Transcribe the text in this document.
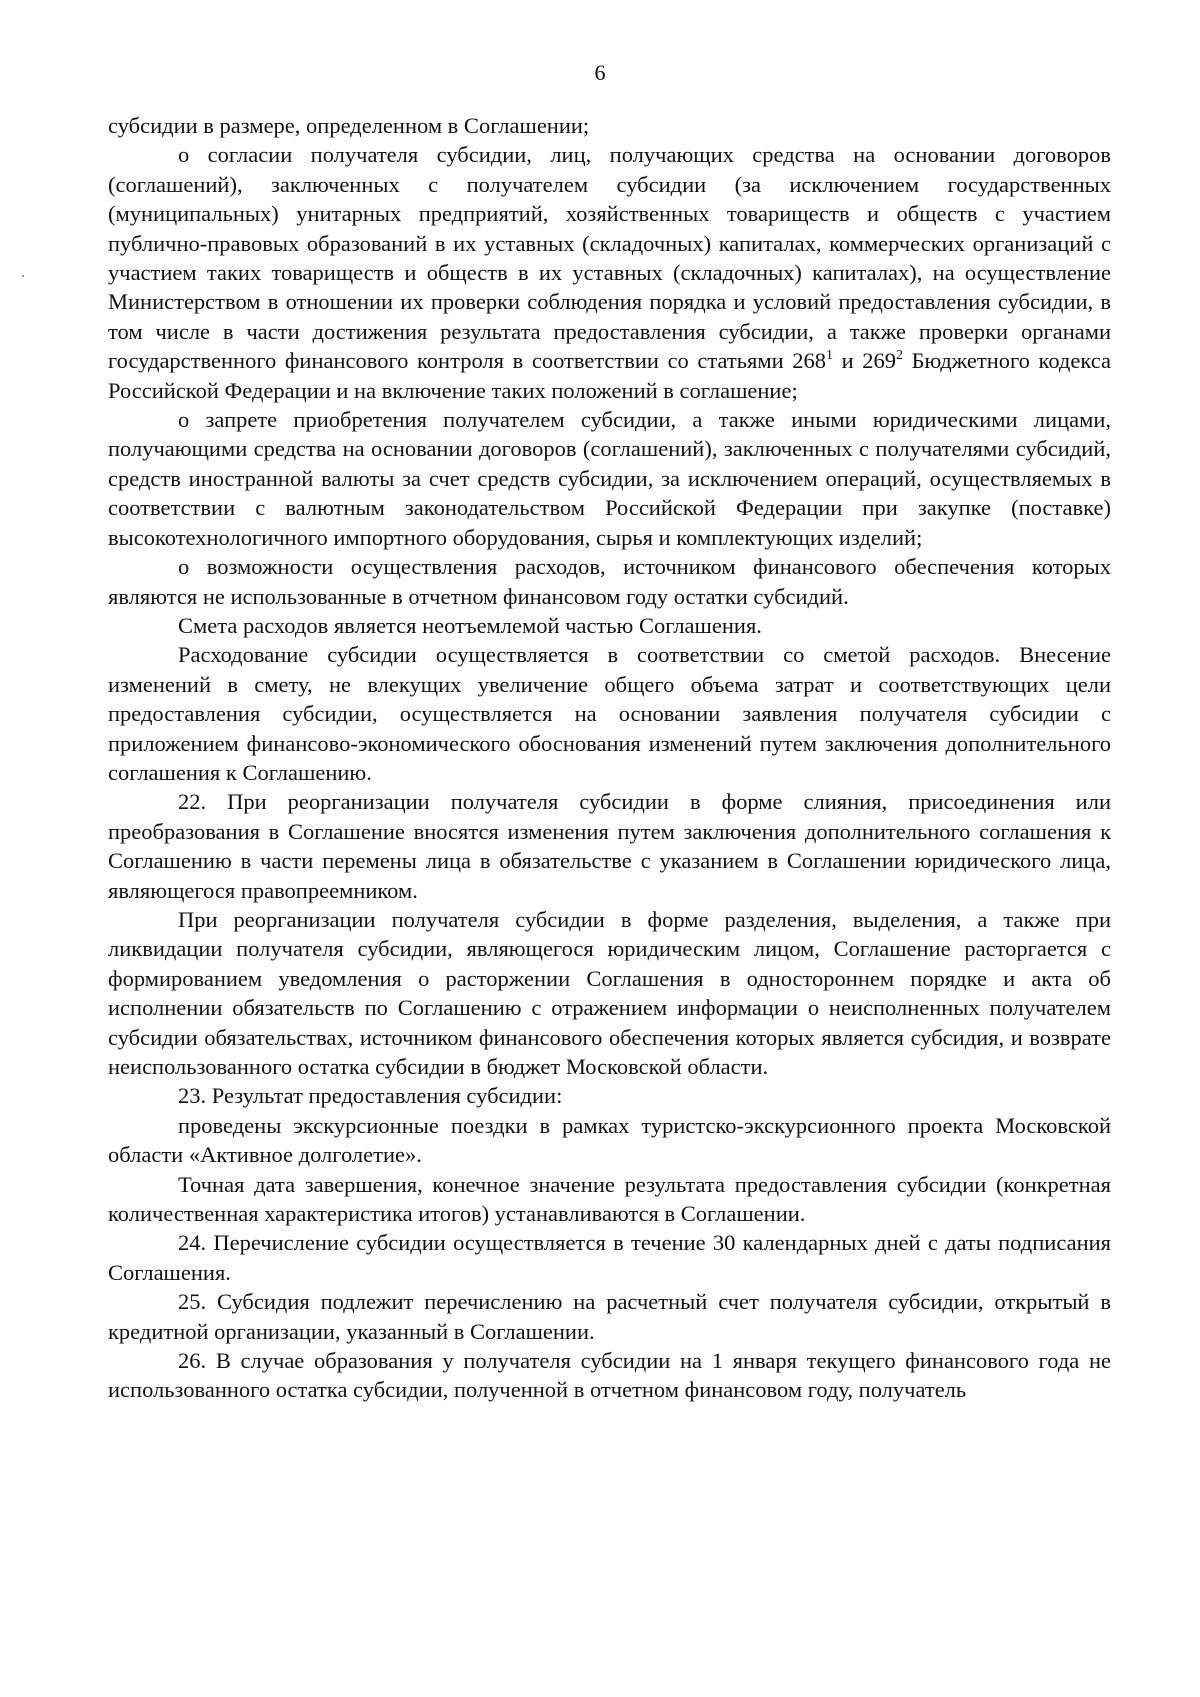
6

субсидии в размере, определенном в Соглашении;

о согласии получателя субсидии, лиц, получающих средства на основании договоров (соглашений), заключенных с получателем субсидии (за исключением государственных (муниципальных) унитарных предприятий, хозяйственных товариществ и обществ с участием публично-правовых образований в их уставных (складочных) капиталах, коммерческих организаций с участием таких товариществ и обществ в их уставных (складочных) капиталах), на осуществление Министерством в отношении их проверки соблюдения порядка и условий предоставления субсидии, в том числе в части достижения результата предоставления субсидии, а также проверки органами государственного финансового контроля в соответствии со статьями $268^1$ и $269^2$ Бюджетного кодекса Российской Федерации и на включение таких положений в соглашение;

о запрете приобретения получателем субсидии, а также иными юридическими лицами, получающими средства на основании договоров (соглашений), заключенных с получателями субсидий, средств иностранной валюты за счет средств субсидии, за исключением операций, осуществляемых в соответствии с валютным законодательством Российской Федерации при закупке (поставке) высокотехнологичного импортного оборудования, сырья и комплектующих изделий;

о возможности осуществления расходов, источником финансового обеспечения которых являются не использованные в отчетном финансовом году остатки субсидий.

Смета расходов является неотъемлемой частью Соглашения.

Расходование субсидии осуществляется в соответствии со сметой расходов. Внесение изменений в смету, не влекущих увеличение общего объема затрат и соответствующих цели предоставления субсидии, осуществляется на основании заявления получателя субсидии с приложением финансово-экономического обоснования изменений путем заключения дополнительного соглашения к Соглашению.

22. При реорганизации получателя субсидии в форме слияния, присоединения или преобразования в Соглашение вносятся изменения путем заключения дополнительного соглашения к Соглашению в части перемены лица в обязательстве с указанием в Соглашении юридического лица, являющегося правопреемником.

При реорганизации получателя субсидии в форме разделения, выделения, а также при ликвидации получателя субсидии, являющегося юридическим лицом, Соглашение расторгается с формированием уведомления о расторжении Соглашения в одностороннем порядке и акта об исполнении обязательств по Соглашению с отражением информации о неисполненных получателем субсидии обязательствах, источником финансового обеспечения которых является субсидия, и возврате неиспользованного остатка субсидии в бюджет Московской области.

23. Результат предоставления субсидии:

проведены экскурсионные поездки в рамках туристско-экскурсионного проекта Московской области «Активное долголетие».

Точная дата завершения, конечное значение результата предоставления субсидии (конкретная количественная характеристика итогов) устанавливаются в Соглашении.

24. Перечисление субсидии осуществляется в течение 30 календарных дней с даты подписания Соглашения.

25. Субсидия подлежит перечислению на расчетный счет получателя субсидии, открытый в кредитной организации, указанный в Соглашении.

26. В случае образования у получателя субсидии на 1 января текущего финансового года не использованного остатка субсидии, полученной в отчетном финансовом году, получатель
